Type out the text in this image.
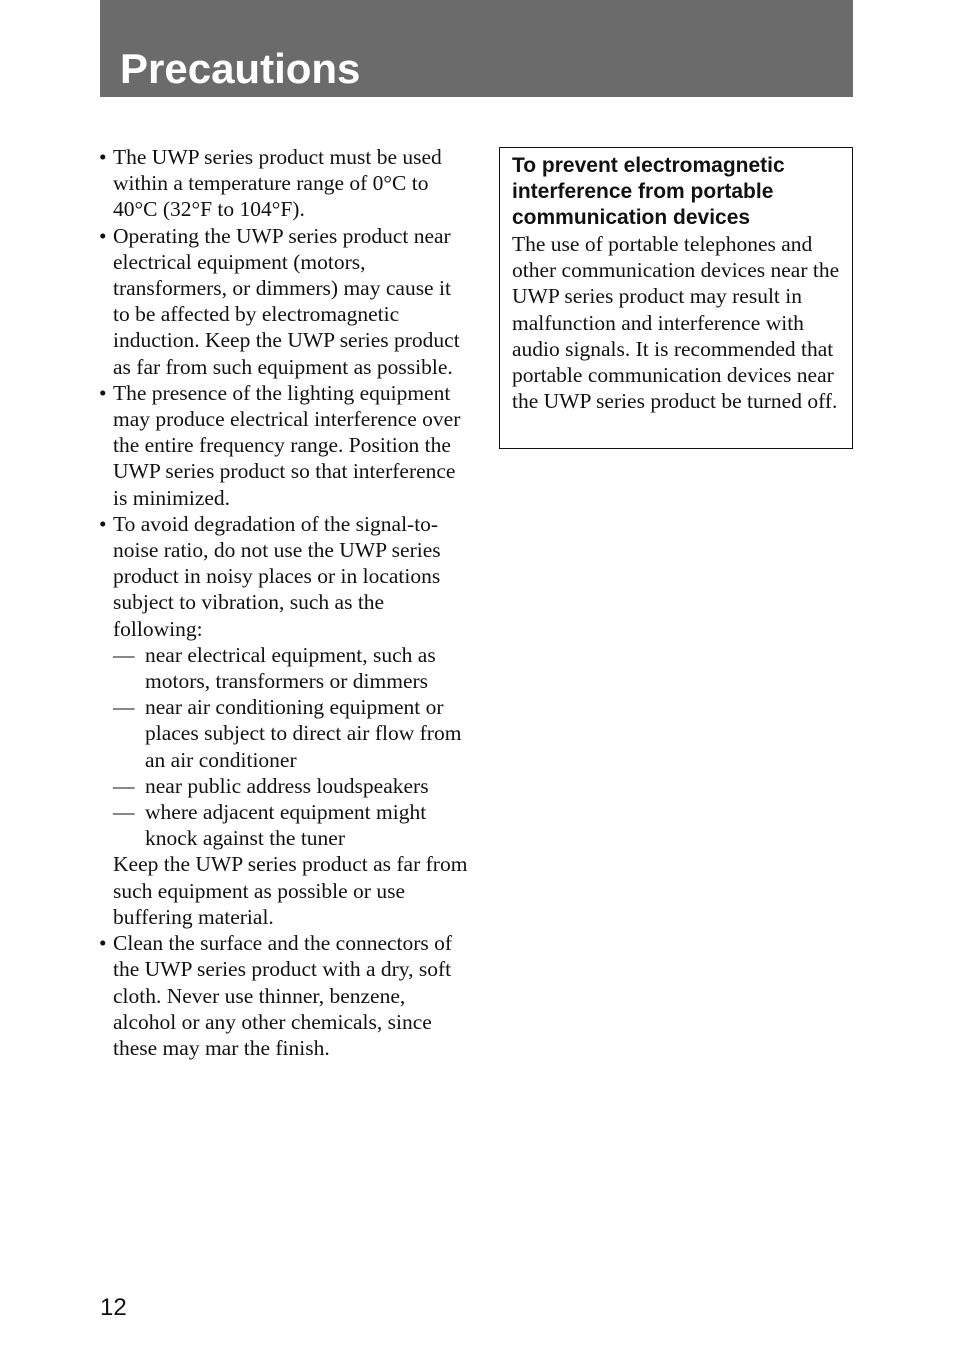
Precautions
• The UWP series product must be used within a temperature range of 0°C to 40°C (32°F to 104°F).
• Operating the UWP series product near electrical equipment (motors, transformers, or dimmers) may cause it to be affected by electromagnetic induction. Keep the UWP series product as far from such equipment as possible.
• The presence of the lighting equipment may produce electrical interference over the entire frequency range. Position the UWP series product so that interference is minimized.
• To avoid degradation of the signal-to-noise ratio, do not use the UWP series product in noisy places or in locations subject to vibration, such as the following:
— near electrical equipment, such as motors, transformers or dimmers
— near air conditioning equipment or places subject to direct air flow from an air conditioner
— near public address loudspeakers
— where adjacent equipment might knock against the tuner
Keep the UWP series product as far from such equipment as possible or use buffering material.
• Clean the surface and the connectors of the UWP series product with a dry, soft cloth. Never use thinner, benzene, alcohol or any other chemicals, since these may mar the finish.

To prevent electromagnetic interference from portable communication devices

The use of portable telephones and other communication devices near the UWP series product may result in malfunction and interference with audio signals. It is recommended that portable communication devices near the UWP series product be turned off.

12
